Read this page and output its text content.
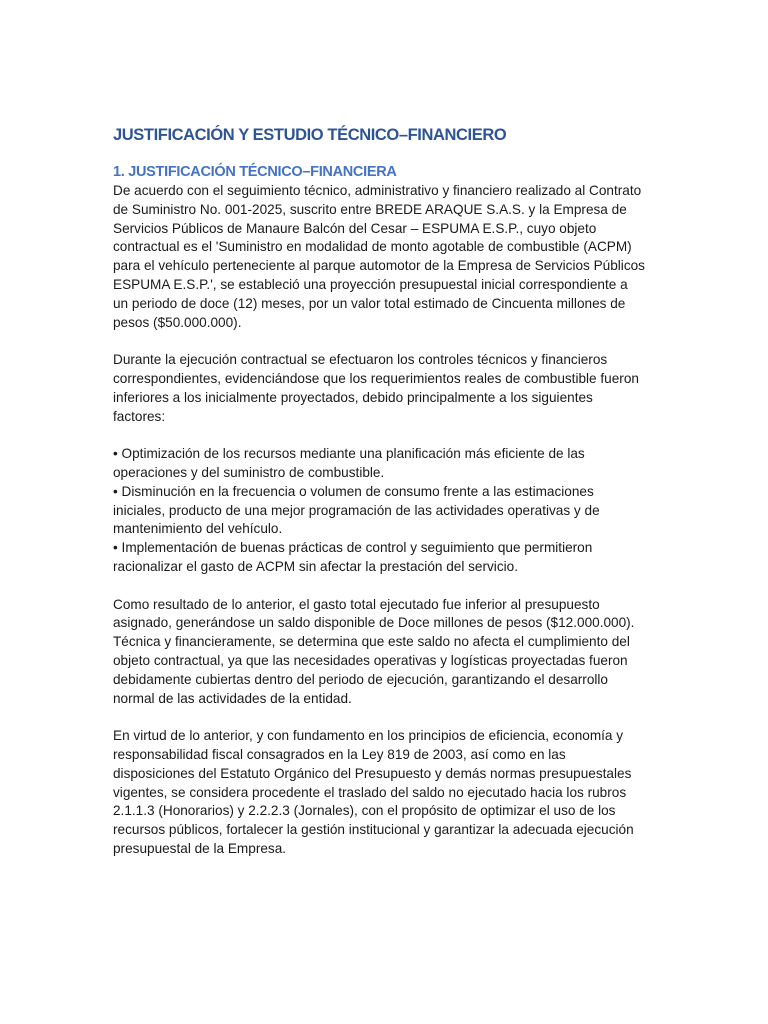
JUSTIFICACIÓN Y ESTUDIO TÉCNICO–FINANCIERO
1. JUSTIFICACIÓN TÉCNICO–FINANCIERA

De acuerdo con el seguimiento técnico, administrativo y financiero realizado al Contrato
de Suministro No. 001-2025, suscrito entre BREDE ARAQUE S.A.S. y la Empresa de
Servicios Públicos de Manaure Balcón del Cesar – ESPUMA E.S.P., cuyo objeto
contractual es el 'Suministro en modalidad de monto agotable de combustible (ACPM)
para el vehículo perteneciente al parque automotor de la Empresa de Servicios Públicos
ESPUMA E.S.P.', se estableció una proyección presupuestal inicial correspondiente a
un periodo de doce (12) meses, por un valor total estimado de Cincuenta millones de
pesos ($50.000.000).

Durante la ejecución contractual se efectuaron los controles técnicos y financieros
correspondientes, evidenciándose que los requerimientos reales de combustible fueron
inferiores a los inicialmente proyectados, debido principalmente a los siguientes
factores:

• Optimización de los recursos mediante una planificación más eficiente de las
operaciones y del suministro de combustible.
• Disminución en la frecuencia o volumen de consumo frente a las estimaciones
iniciales, producto de una mejor programación de las actividades operativas y de
mantenimiento del vehículo.
• Implementación de buenas prácticas de control y seguimiento que permitieron
racionalizar el gasto de ACPM sin afectar la prestación del servicio.

Como resultado de lo anterior, el gasto total ejecutado fue inferior al presupuesto
asignado, generándose un saldo disponible de Doce millones de pesos ($12.000.000).
Técnica y financieramente, se determina que este saldo no afecta el cumplimiento del
objeto contractual, ya que las necesidades operativas y logísticas proyectadas fueron
debidamente cubiertas dentro del periodo de ejecución, garantizando el desarrollo
normal de las actividades de la entidad.

En virtud de lo anterior, y con fundamento en los principios de eficiencia, economía y
responsabilidad fiscal consagrados en la Ley 819 de 2003, así como en las
disposiciones del Estatuto Orgánico del Presupuesto y demás normas presupuestales
vigentes, se considera procedente el traslado del saldo no ejecutado hacia los rubros
2.1.1.3 (Honorarios) y 2.2.2.3 (Jornales), con el propósito de optimizar el uso de los
recursos públicos, fortalecer la gestión institucional y garantizar la adecuada ejecución
presupuestal de la Empresa.
